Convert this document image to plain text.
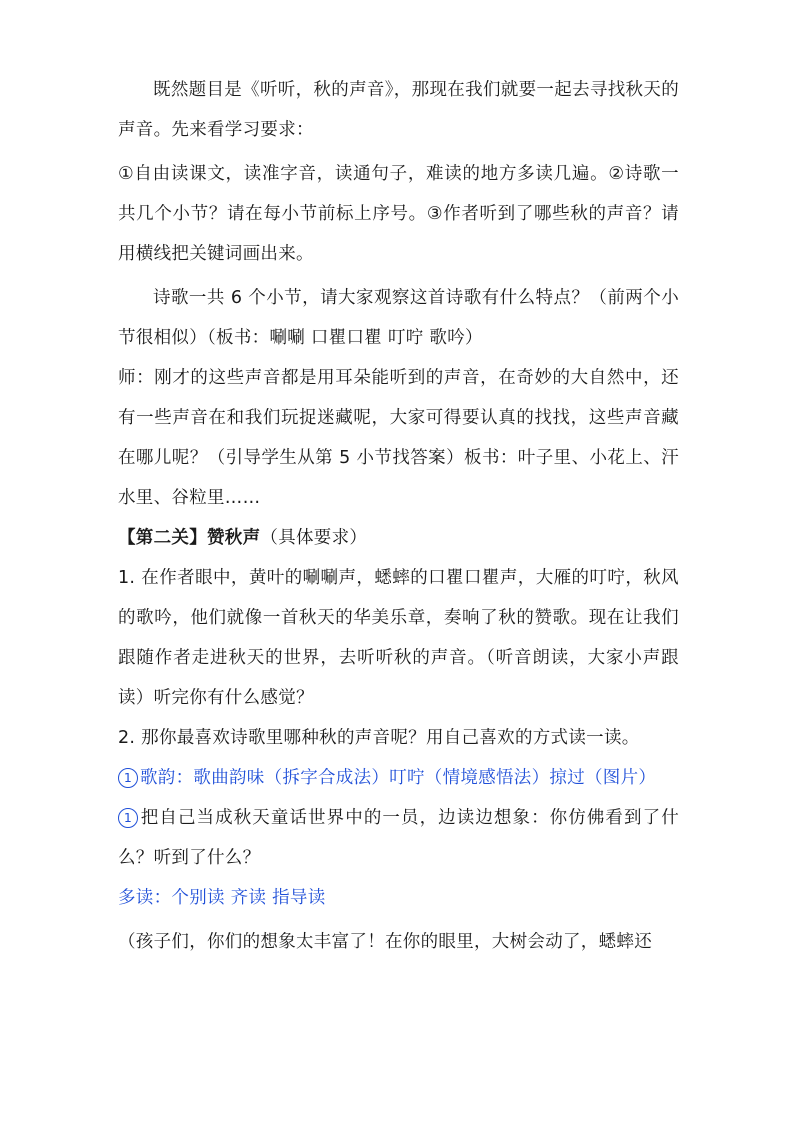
既然题目是《听听，秋的声音》，那现在我们就要一起去寻找秋天的声音。先来看学习要求：

①自由读课文，读准字音，读通句子，难读的地方多读几遍。②诗歌一共几个小节？请在每小节前标上序号。③作者听到了哪些秋的声音？请用横线把关键词画出来。

诗歌一共 6 个小节，请大家观察这首诗歌有什么特点？（前两个小节很相似）（板书：唰唰 口瞿口瞿 叮咛 歌吟）

师：刚才的这些声音都是用耳朵能听到的声音，在奇妙的大自然中，还有一些声音在和我们玩捉迷藏呢，大家可得要认真的找找，这些声音藏在哪儿呢？（引导学生从第 5 小节找答案）板书：叶子里、小花上、汗水里、谷粒里……

【第二关】赞秋声（具体要求）

1. 在作者眼中，黄叶的唰唰声，蟋蟀的口瞿口瞿声，大雁的叮咛，秋风的歌吟，他们就像一首秋天的华美乐章，奏响了秋的赞歌。现在让我们跟随作者走进秋天的世界，去听听秋的声音。（听音朗读，大家小声跟读）听完你有什么感觉？

2. 那你最喜欢诗歌里哪种秋的声音呢？用自己喜欢的方式读一读。

1 歌韵：歌曲韵味（拆字合成法）叮咛（情境感悟法）掠过（图片）

1 把自己当成秋天童话世界中的一员，边读边想象：你仿佛看到了什么？听到了什么？

多读：个别读 齐读 指导读

（孩子们，你们的想象太丰富了！在你的眼里，大树会动了，蟋蟀还
